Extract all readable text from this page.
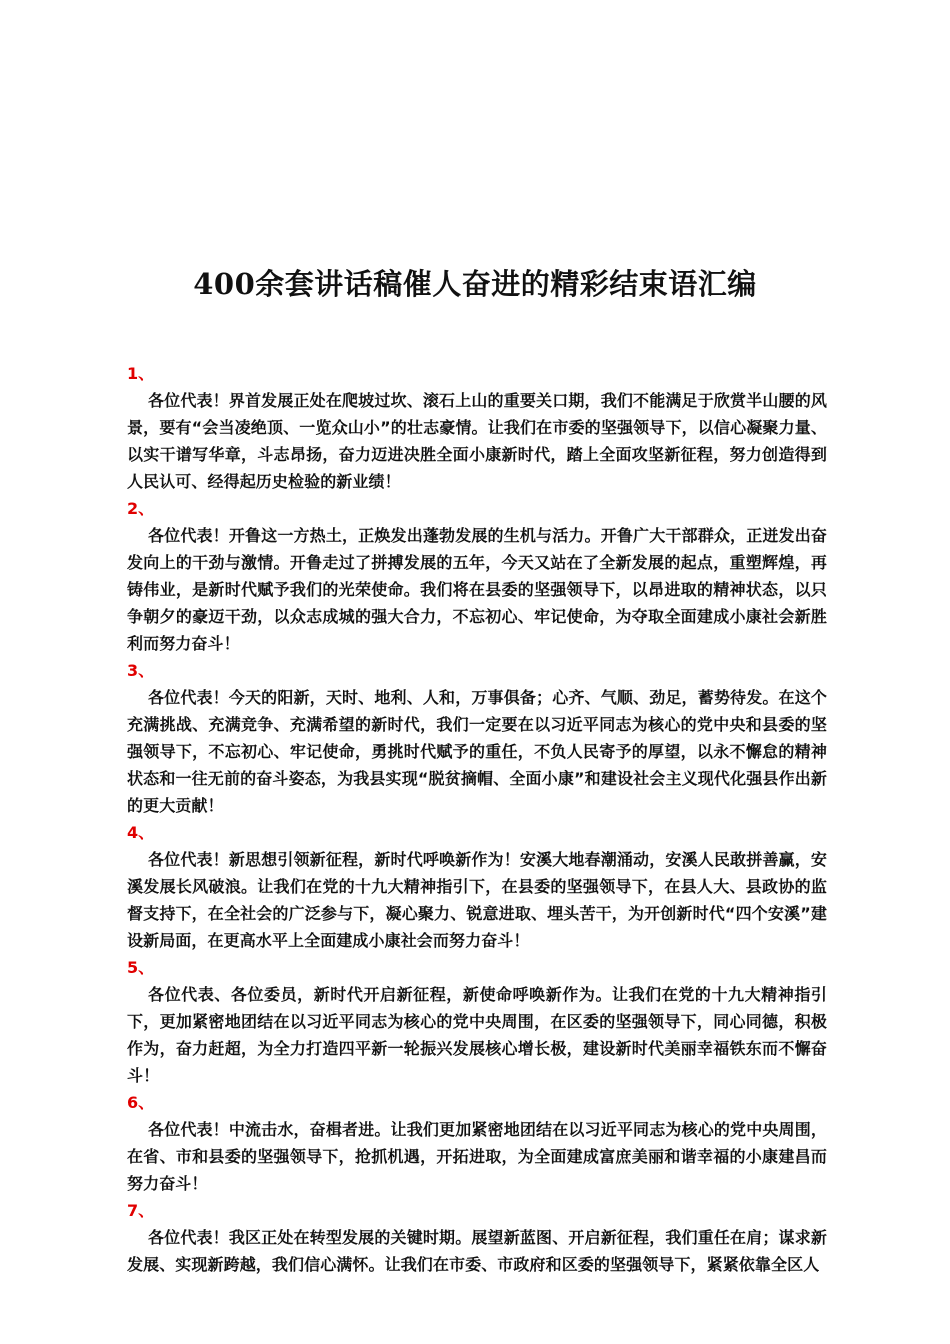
400余套讲话稿催人奋进的精彩结束语汇编
1、

各位代表！界首发展正处在爬坡过坎、滚石上山的重要关口期，我们不能满足于欣赏半山腰的风景，要有“会当凌绝顶、一览众山小”的壮志豪情。让我们在市委的坚强领导下，以信心凝聚力量、以实干谱写华章，斗志昂扬，奋力迈进决胜全面小康新时代，踏上全面攻坚新征程，努力创造得到人民认可、经得起历史检验的新业绩！

2、

各位代表！开鲁这一方热土，正焕发出蓬勃发展的生机与活力。开鲁广大干部群众，正迸发出奋发向上的干劲与激情。开鲁走过了拼搏发展的五年，今天又站在了全新发展的起点，重塑辉煌，再铸伟业，是新时代赋予我们的光荣使命。我们将在县委的坚强领导下，以昂进取的精神状态，以只争朝夕的豪迈干劲，以众志成城的强大合力，不忘初心、牢记使命，为夺取全面建成小康社会新胜利而努力奋斗！

3、

各位代表！今天的阳新，天时、地利、人和，万事俱备；心齐、气顺、劲足，蓄势待发。在这个充满挑战、充满竞争、充满希望的新时代，我们一定要在以习近平同志为核心的党中央和县委的坚强领导下，不忘初心、牢记使命，勇挑时代赋予的重任，不负人民寄予的厚望，以永不懈怠的精神状态和一往无前的奋斗姿态，为我县实现“脱贫摘帽、全面小康”和建设社会主义现代化强县作出新的更大贡献！

4、

各位代表！新思想引领新征程，新时代呼唤新作为！安溪大地春潮涌动，安溪人民敢拼善赢，安溪发展长风破浪。让我们在党的十九大精神指引下，在县委的坚强领导下，在县人大、县政协的监督支持下，在全社会的广泛参与下，凝心聚力、锐意进取、埋头苦干，为开创新时代“四个安溪”建设新局面，在更高水平上全面建成小康社会而努力奋斗！

5、

各位代表、各位委员，新时代开启新征程，新使命呼唤新作为。让我们在党的十九大精神指引下，更加紧密地团结在以习近平同志为核心的党中央周围，在区委的坚强领导下，同心同德，积极作为，奋力赶超，为全力打造四平新一轮振兴发展核心增长极，建设新时代美丽幸福铁东而不懈奋斗！

6、

各位代表！中流击水，奋楫者进。让我们更加紧密地团结在以习近平同志为核心的党中央周围，在省、市和县委的坚强领导下，抢抓机遇，开拓进取，为全面建成富庶美丽和谐幸福的小康建昌而努力奋斗！

7、

各位代表！我区正处在转型发展的关键时期。展望新蓝图、开启新征程，我们重任在肩；谋求新发展、实现新跨越，我们信心满怀。让我们在市委、市政府和区委的坚强领导下，紧紧依靠全区人
